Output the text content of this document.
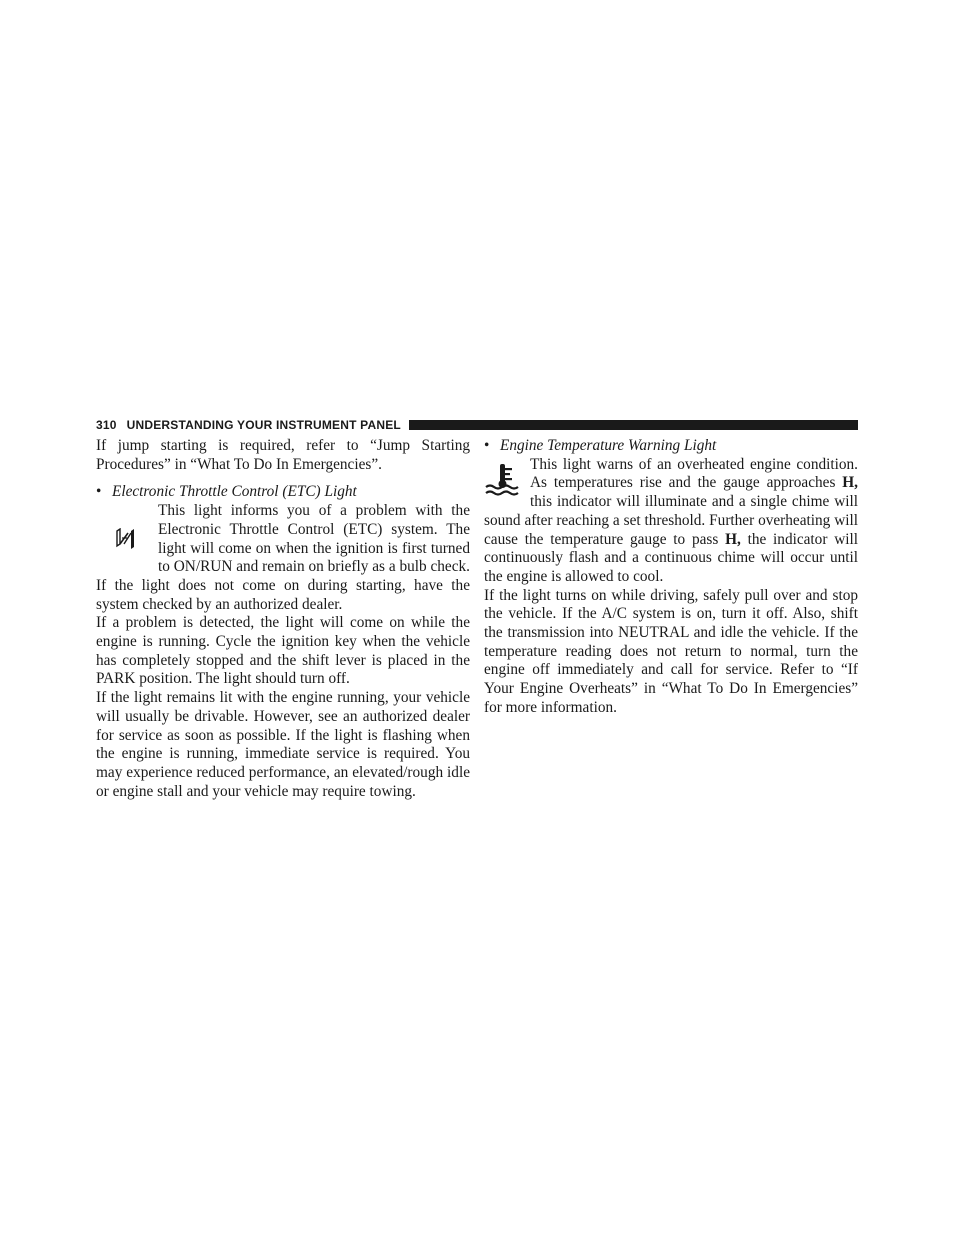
310 UNDERSTANDING YOUR INSTRUMENT PANEL

If jump starting is required, refer to “Jump Starting Procedures” in “What To Do In Emergencies”.

• Electronic Throttle Control (ETC) Light

This light informs you of a problem with the Electronic Throttle Control (ETC) system. The light will come on when the ignition is first turned to ON/RUN and remain on briefly as a bulb check. If the light does not come on during starting, have the system checked by an authorized dealer.

If a problem is detected, the light will come on while the engine is running. Cycle the ignition key when the vehicle has completely stopped and the shift lever is placed in the PARK position. The light should turn off.

If the light remains lit with the engine running, your vehicle will usually be drivable. However, see an authorized dealer for service as soon as possible. If the light is flashing when the engine is running, immediate service is required. You may experience reduced performance, an elevated/rough idle or engine stall and your vehicle may require towing.

• Engine Temperature Warning Light

This light warns of an overheated engine condition. As temperatures rise and the gauge approaches H, this indicator will illuminate and a single chime will sound after reaching a set threshold. Further overheating will cause the temperature gauge to pass H, the indicator will continuously flash and a continuous chime will occur until the engine is allowed to cool.

If the light turns on while driving, safely pull over and stop the vehicle. If the A/C system is on, turn it off. Also, shift the transmission into NEUTRAL and idle the vehicle. If the temperature reading does not return to normal, turn the engine off immediately and call for service. Refer to “If Your Engine Overheats” in “What To Do In Emergencies” for more information.
